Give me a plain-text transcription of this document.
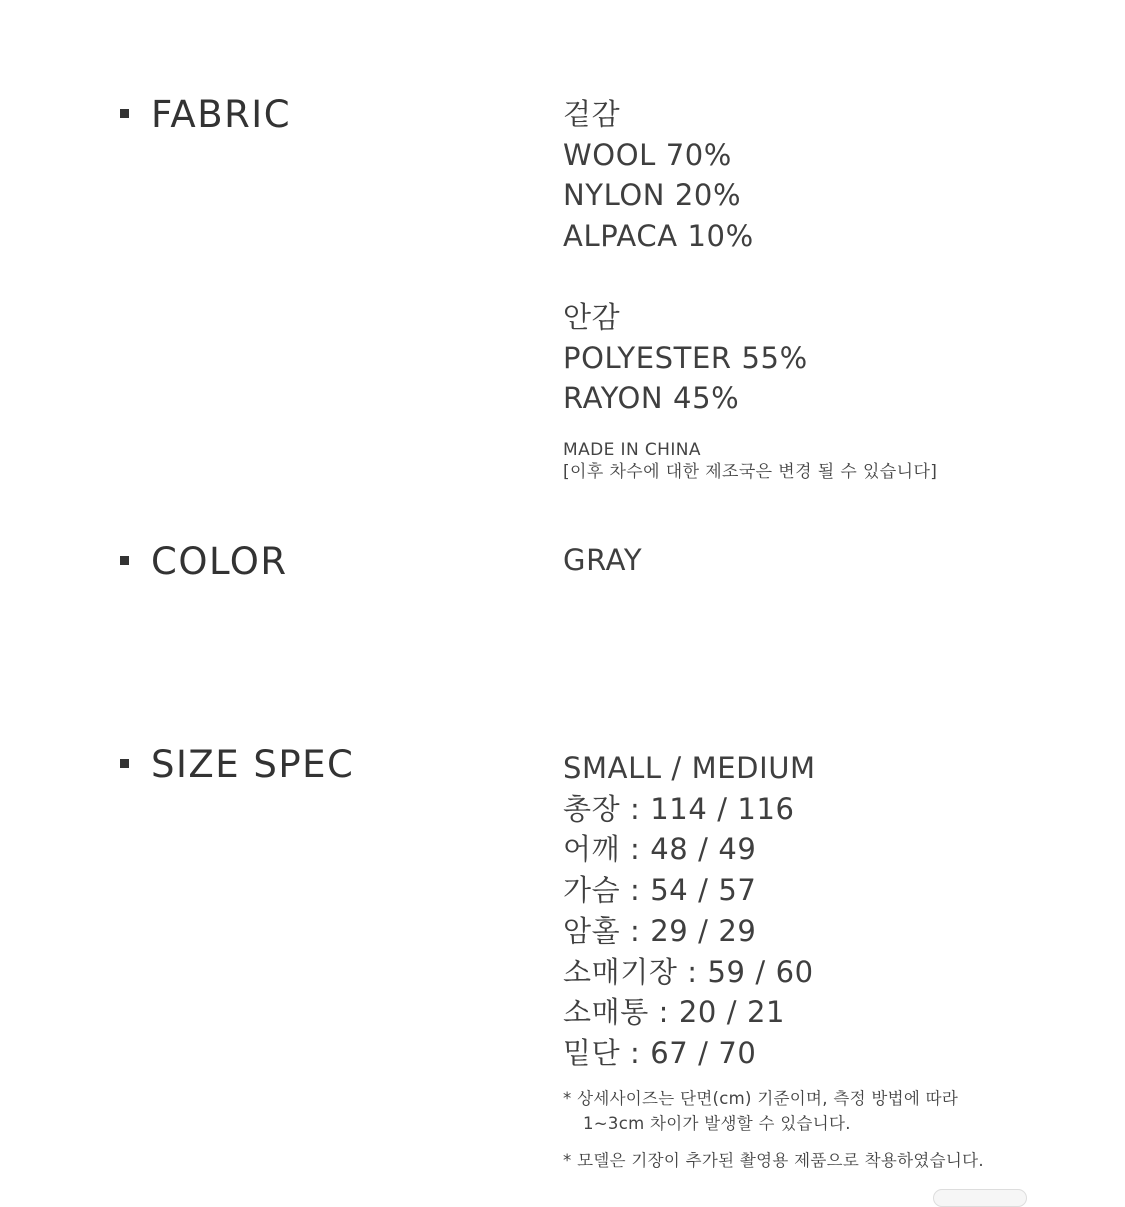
FABRIC	겉감
WOOL 70%
NYLON 20%
ALPACA 10%
안감
POLYESTER 55%
RAYON 45%
MADE IN CHINA
[이후 차수에 대한 제조국은 변경 될 수 있습니다]
COLOR	GRAY
SIZE SPEC	SMALL / MEDIUM
총장 : 114 / 116
어깨 : 48 / 49
가슴 : 54 / 57
암홀 : 29 / 29
소매기장 : 59 / 60
소매통 : 20 / 21
밑단 : 67 / 70
* 상세사이즈는 단면(cm) 기준이며, 측정 방법에 따라
1~3cm 차이가 발생할 수 있습니다.
* 모델은 기장이 추가된 촬영용 제품으로 착용하였습니다.
